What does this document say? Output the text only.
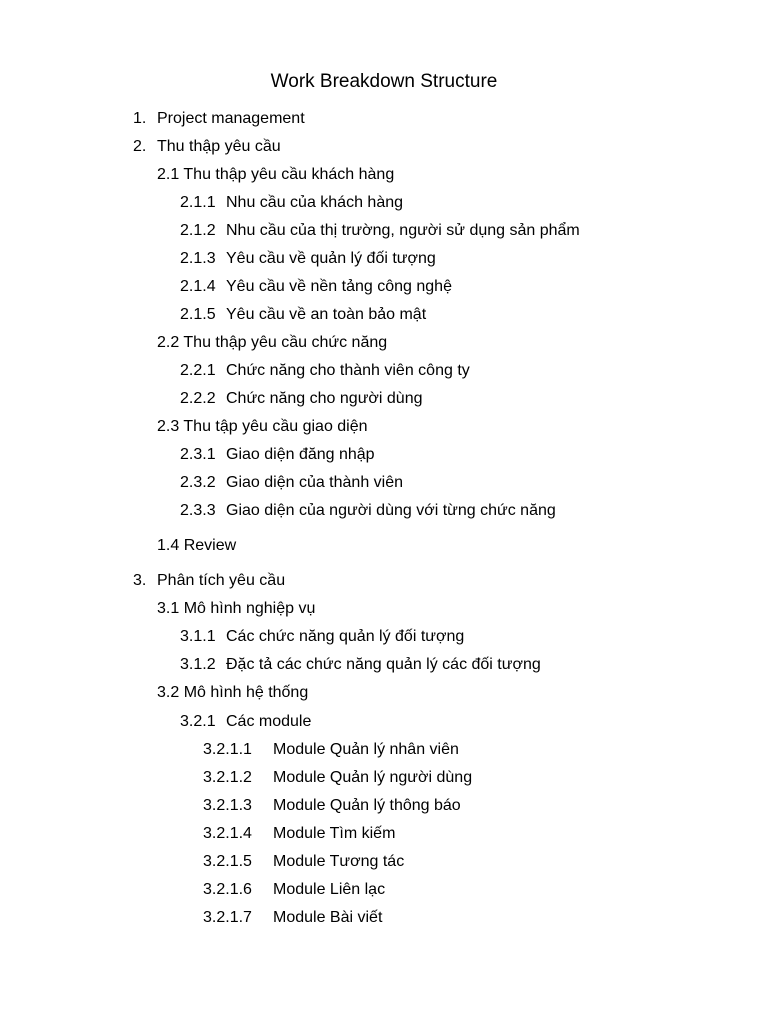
Work Breakdown Structure
1. Project management
2. Thu thập yêu cầu
2.1 Thu thập yêu cầu khách hàng
2.1.1 Nhu cầu của khách hàng
2.1.2 Nhu cầu của thị trường, người sử dụng sản phẩm
2.1.3 Yêu cầu về quản lý đối tượng
2.1.4 Yêu cầu về nền tảng công nghệ
2.1.5 Yêu cầu về an toàn bảo mật
2.2 Thu thập yêu cầu chức năng
2.2.1 Chức năng cho thành viên công ty
2.2.2 Chức năng cho người dùng
2.3 Thu tập yêu cầu giao diện
2.3.1 Giao diện đăng nhập
2.3.2 Giao diện của thành viên
2.3.3 Giao diện của người dùng với từng chức năng
1.4 Review
3. Phân tích yêu cầu
3.1 Mô hình nghiệp vụ
3.1.1 Các chức năng quản lý đối tượng
3.1.2 Đặc tả các chức năng quản lý các đối tượng
3.2 Mô hình hệ thống
3.2.1 Các module
3.2.1.1 Module Quản lý nhân viên
3.2.1.2 Module Quản lý người dùng
3.2.1.3 Module Quản lý thông báo
3.2.1.4 Module Tìm kiếm
3.2.1.5 Module Tương tác
3.2.1.6 Module Liên lạc
3.2.1.7 Module Bài viết
